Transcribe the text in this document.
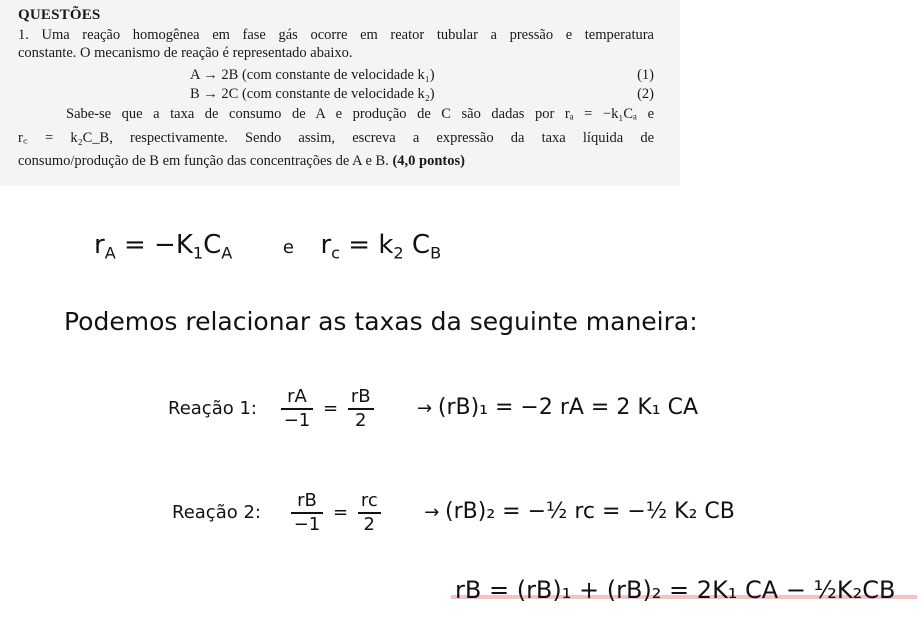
QUESTÕES
1. Uma reação homogênea em fase gás ocorre em reator tubular a pressão e temperatura
constante. O mecanismo de reação é representado abaixo.
A → 2B (com constante de velocidade k₁)	(1)
B → 2C (com constante de velocidade k₂)	(2)
Sabe-se que a taxa de consumo de A e produção de C são dadas por rₐ = −k₁Cₐ e
r꜀ = k₂C_B, respectivamente. Sendo assim, escreva a expressão da taxa líquida de
consumo/produção de B em função das concentrações de A e B. (4,0 pontos)
$r_A = -K_1C_A$	e $r_c = k_2$ $C_B$
Podemos relacionar as taxas da seguinte maneira:
Reação 1: $\frac{rA}{-1} = \frac{rB}{2} \to (rB)_1 = -2$ rA = 2 K₁ CA
Reação 2: $\frac{rB}{-1} = \frac{rc}{2} \to (rB)_2$ = −½ rc = −½ K₂ CB
rB = (rB)₁ + (rB)₂ = 2K₁ CA − ½K₂CB
